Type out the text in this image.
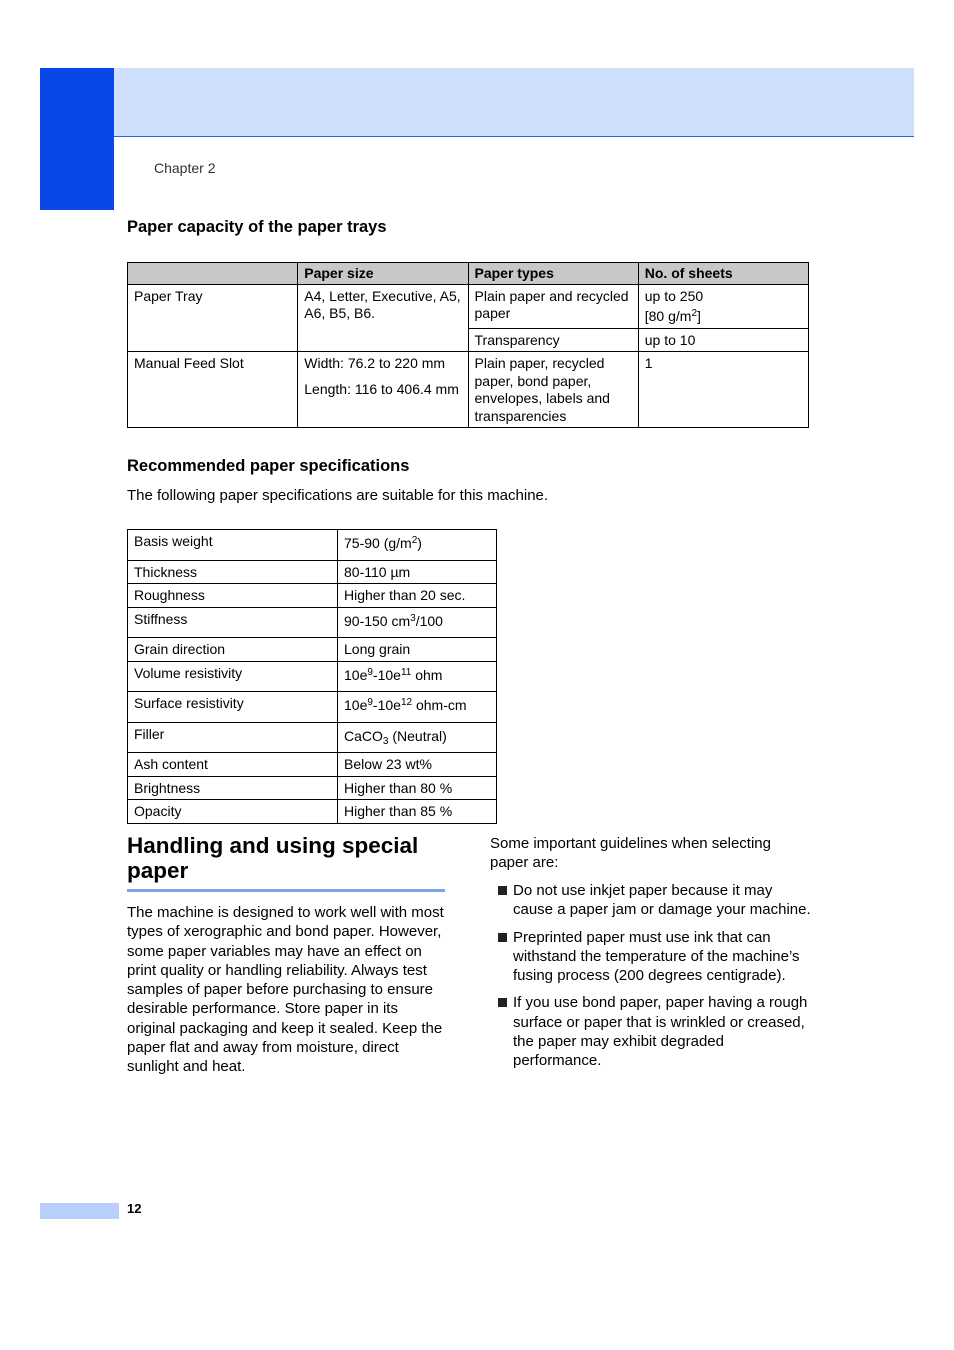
Chapter 2
Paper capacity of the paper trays
	Paper size	Paper types	No. of sheets
Paper Tray	A4, Letter, Executive, A5, A6, B5, B6.	Plain paper and recycled paper	up to 250
[80 $g/m^2$]

		Transparency	up to 10
Manual Feed Slot	Width: 76.2 to 220 mm
Length: 116 to 406.4 mm	Plain paper, recycled paper, bond paper, envelopes, labels and transparencies	1
Recommended paper specifications
The following paper specifications are suitable for this machine.
Basis weight	75-90 $(g/m^2)$
Thickness	80-110 µm
Roughness	Higher than 20 sec.
Stiffness	90-150 $cm^3/100$
Grain direction	Long grain
Volume resistivity	$10e^9-10e^{11}$ ohm
Surface resistivity	$10e^9-10e^{12}$ ohm-cm
Filler	CaCO$_3$ (Neutral)
Ash content	Below 23 wt%
Brightness	Higher than 80 %
Opacity	Higher than 85 %
Handling and using special paper
The machine is designed to work well with most types of xerographic and bond paper. However, some paper variables may have an effect on print quality or handling reliability. Always test samples of paper before purchasing to ensure desirable performance. Store paper in its original packaging and keep it sealed. Keep the paper flat and away from moisture, direct sunlight and heat.
Some important guidelines when selecting paper are:
Do not use inkjet paper because it may cause a paper jam or damage your machine.
Preprinted paper must use ink that can withstand the temperature of the machine’s fusing process (200 degrees centigrade).
If you use bond paper, paper having a rough surface or paper that is wrinkled or creased, the paper may exhibit degraded performance.
12
